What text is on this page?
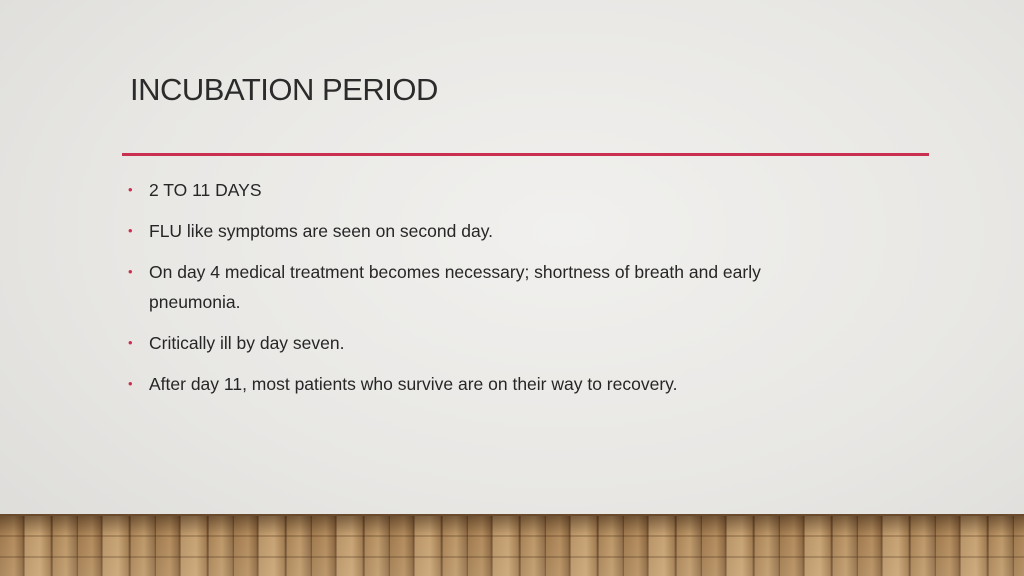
INCUBATION PERIOD
• 2 TO 11 DAYS
• FLU like symptoms are seen on second day.
• On day 4 medical treatment becomes necessary; shortness of breath and early pneumonia.
• Critically ill by day seven.
• After day 11, most patients who survive are on their way to recovery.
